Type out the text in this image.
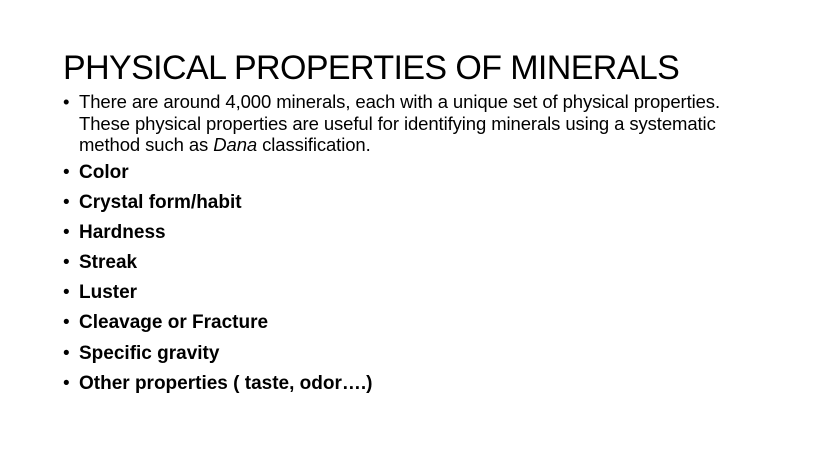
PHYSICAL PROPERTIES OF MINERALS
• There are around 4,000 minerals, each with a unique set of physical properties. These physical properties are useful for identifying minerals using a systematic method such as Dana classification.
• Color
• Crystal form/habit
• Hardness
• Streak
• Luster
• Cleavage or Fracture
• Specific gravity
• Other properties ( taste, odor….)
